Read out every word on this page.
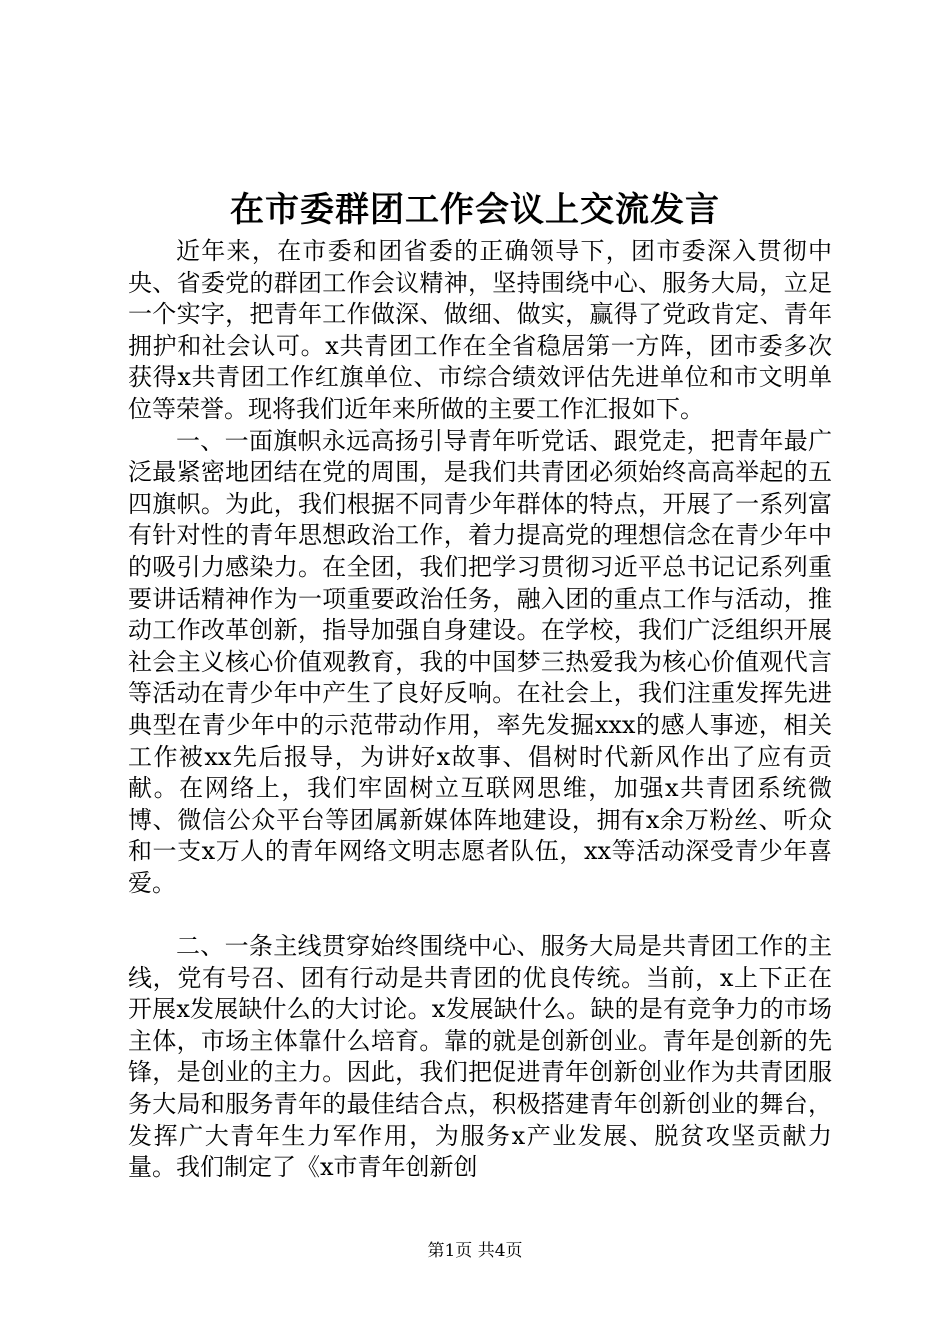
在市委群团工作会议上交流发言

近年来，在市委和团省委的正确领导下，团市委深入贯彻中央、省委党的群团工作会议精神，坚持围绕中心、服务大局，立足一个实字，把青年工作做深、做细、做实，赢得了党政肯定、青年拥护和社会认可。x共青团工作在全省稳居第一方阵，团市委多次获得x共青团工作红旗单位、市综合绩效评估先进单位和市文明单位等荣誉。现将我们近年来所做的主要工作汇报如下。

一、一面旗帜永远高扬引导青年听党话、跟党走，把青年最广泛最紧密地团结在党的周围，是我们共青团必须始终高高举起的五四旗帜。为此，我们根据不同青少年群体的特点，开展了一系列富有针对性的青年思想政治工作，着力提高党的理想信念在青少年中的吸引力感染力。在全团，我们把学习贯彻习近平总书记记系列重要讲话精神作为一项重要政治任务，融入团的重点工作与活动，推动工作改革创新，指导加强自身建设。在学校，我们广泛组织开展社会主义核心价值观教育，我的中国梦三热爱我为核心价值观代言等活动在青少年中产生了良好反响。在社会上，我们注重发挥先进典型在青少年中的示范带动作用，率先发掘xxx的感人事迹，相关工作被xx先后报导，为讲好x故事、倡树时代新风作出了应有贡献。在网络上，我们牢固树立互联网思维，加强x共青团系统微博、微信公众平台等团属新媒体阵地建设，拥有x余万粉丝、听众和一支x万人的青年网络文明志愿者队伍，xx等活动深受青少年喜爱。

二、一条主线贯穿始终围绕中心、服务大局是共青团工作的主线，党有号召、团有行动是共青团的优良传统。当前，x上下正在开展x发展缺什么的大讨论。x发展缺什么。缺的是有竞争力的市场主体，市场主体靠什么培育。靠的就是创新创业。青年是创新的先锋，是创业的主力。因此，我们把促进青年创新创业作为共青团服务大局和服务青年的最佳结合点，积极搭建青年创新创业的舞台，发挥广大青年生力军作用，为服务x产业发展、脱贫攻坚贡献力量。我们制定了《x市青年创新创

第1页 共4页
